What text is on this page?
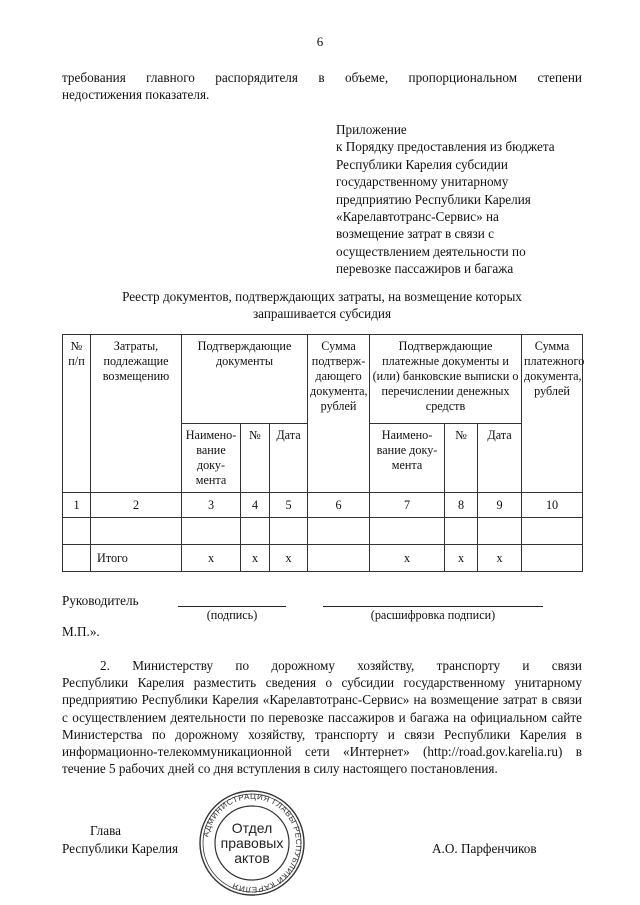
6
требования главного распорядителя в объеме, пропорциональном степени
недостижения показателя.
Приложение
к Порядку предоставления из бюджета
Республики Карелия субсидии
государственному унитарному
предприятию Республики Карелия
«Карелавтотранс-Сервис» на
возмещение затрат в связи с
осуществлением деятельности по
перевозке пассажиров и багажа
Реестр документов, подтверждающих затраты, на возмещение которых
запрашивается субсидия
№ п/п	Затраты, подлежащие возмещению	Подтверждающие документы			Сумма подтверж-дающего документа, рублей	Подтверждающие платежные документы и (или) банковские выписки о перечислении денежных средств			Сумма платежного документа, рублей
		Наимено-вание доку-мента	№	Дата		Наимено-вание доку-мента	№	Дата	
1	2	3	4	5	6	7	8	9	10

	Итого	x	x	x		x	x	x	
Руководитель
(подпись)	(расшифровка подписи)
М.П.».
2. Министерству по дорожному хозяйству, транспорту и связи
Республики Карелия разместить сведения о субсидии государственному унитарному предприятию Республики Карелия «Карелавтотранс-Сервис» на возмещение затрат в связи с осуществлением деятельности по перевозке пассажиров и багажа на официальном сайте Министерства по дорожному хозяйству, транспорту и связи Республики Карелия в информационно-телекоммуникационной сети «Интернет» (http://road.gov.karelia.ru) в течение 5 рабочих дней со дня вступления в силу настоящего постановления.
Глава
Республики Карелия	А.О. Парфенчиков
АДМИНИСТРАЦИЯ ГЛАВЫ РЕСПУБЛИКИ КАРЕЛИЯ
Отдел
правовых
актов
